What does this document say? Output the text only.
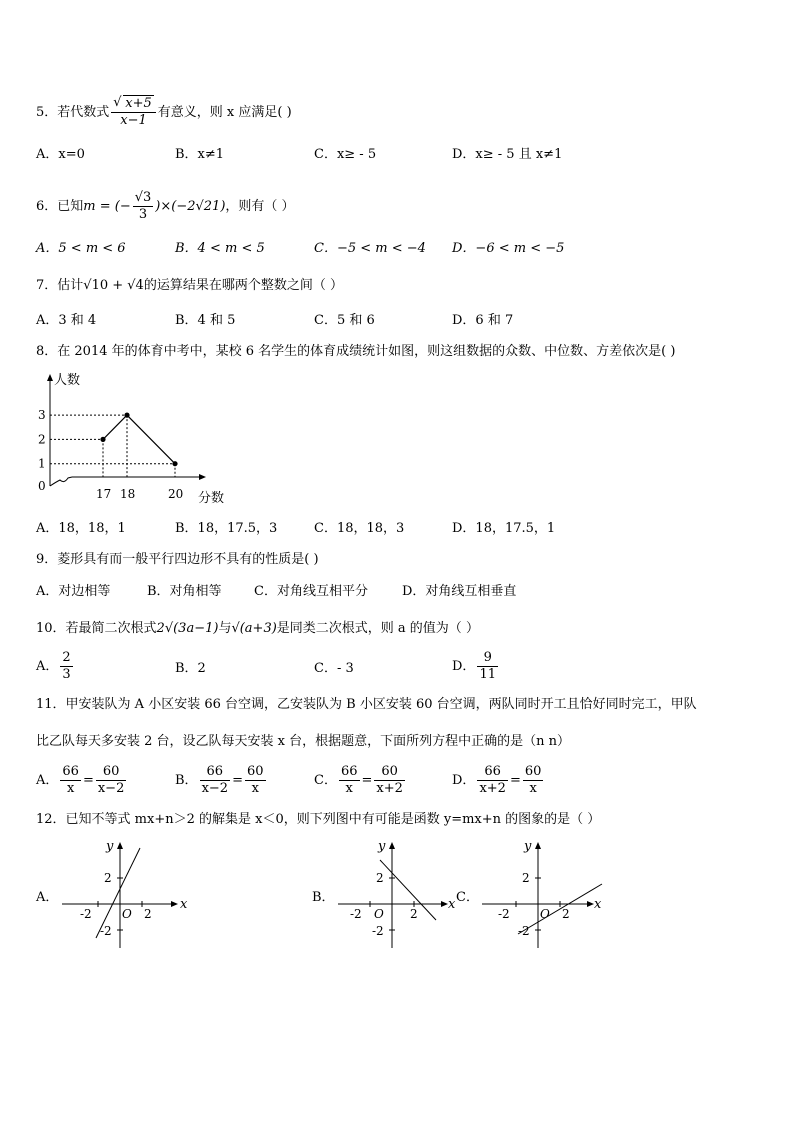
5．若代数式
√ $\frac{x+5}{x-1}$ 有意义，则 x 应满足( )
A．x=0	B．x≠1	C．x≥ - 5	D．x≥ - 5 且 x≠1
6．已知m = (− $\frac{√3}{3} )\times(-2√21)$，则有（ ）
A．5 < m < 6	B．4 < m < 5	C．−5 < m < −4 D．−6 < m < −5
7．估计√10 + √4的运算结果在哪两个整数之间（ ）
A．3 和 4	B．4 和 5	C．5 和 6	D．6 和 7
8．在 2014 年的体育中考中，某校 6 名学生的体育成绩统计如图，则这组数据的众数、中位数、方差依次是( )
0
1
2
3
17 18	20
人数
分数
A．18，18，1	B．18，17.5，3	C．18，18，3	D．18，17.5，1
9．菱形具有而一般平行四边形不具有的性质是( )
A．对边相等	B．对角相等 C．对角线互相平分	D．对角线互相垂直
10．若最简二次根式2√(3a−1)与√(a+3)是同类二次根式，则 a 的值为（ ）
A． $\frac{2}{3}$	B．2	C．- 3	D． $\frac{9}{11}$
11．甲安装队为 A 小区安装 66 台空调，乙安装队为 B 小区安装 60 台空调，两队同时开工且恰好同时完工，甲队
比乙队每天多安装 2 台，设乙队每天安装 x 台，根据题意，下面所列方程中正确的是（n n）
A． $\frac{66}{x} = \frac{60}{x-2}$	B． $\frac{66}{x-2} = \frac{60}{x}$	C． $\frac{66}{x} = \frac{60}{x+2}$	D． $\frac{66}{x+2} = \frac{60}{x}$
12．已知不等式 mx+n＞2 的解集是 x＜0，则下列图中有可能是函数 y=mx+n 的图象的是（ ）
A．	x
y
O
2
2
-2
-2
B．	x
y
O
2
2
-2
-2
C．	x
y
O
2
2
-2
-2
